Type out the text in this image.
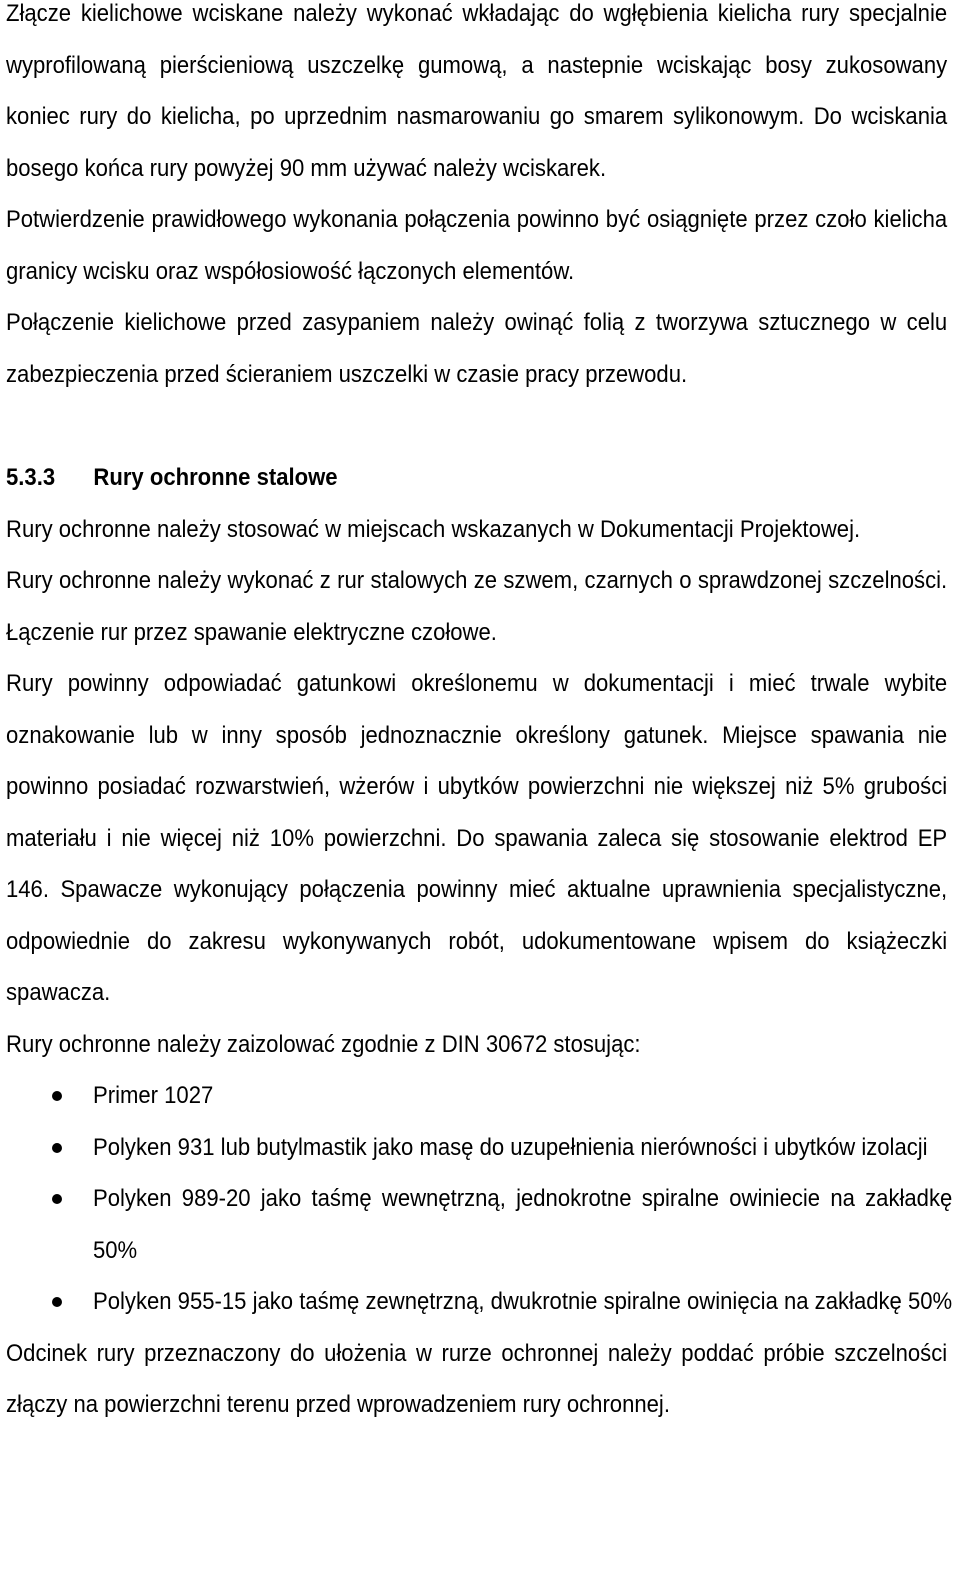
Złącze kielichowe wciskane należy wykonać wkładając do wgłębienia kielicha rury specjalnie wyprofilowaną pierścieniową uszczelkę gumową, a nastepnie wciskając bosy zukosowany koniec rury do kielicha, po uprzednim nasmarowaniu go smarem sylikonowym. Do wciskania bosego końca rury powyżej 90 mm używać należy wciskarek.

Potwierdzenie prawidłowego wykonania połączenia powinno być osiągnięte przez czoło kielicha granicy wcisku oraz współosiowość łączonych elementów.

Połączenie kielichowe przed zasypaniem należy owinąć folią z tworzywa sztucznego w celu zabezpieczenia przed ścieraniem uszczelki w czasie pracy przewodu.

5.3.3	Rury ochronne stalowe

Rury ochronne należy stosować w miejscach wskazanych w Dokumentacji Projektowej.

Rury ochronne należy wykonać z rur stalowych ze szwem, czarnych o sprawdzonej szczelności. Łączenie rur przez spawanie elektryczne czołowe.

Rury powinny odpowiadać gatunkowi określonemu w dokumentacji i mieć trwale wybite oznakowanie lub w inny sposób jednoznacznie określony gatunek. Miejsce spawania nie powinno posiadać rozwarstwień, wżerów i ubytków powierzchni nie większej niż 5% grubości materiału i nie więcej niż 10% powierzchni. Do spawania zaleca się stosowanie elektrod EP 146. Spawacze wykonujący połączenia powinny mieć aktualne uprawnienia specjalistyczne, odpowiednie do zakresu wykonywanych robót, udokumentowane wpisem do książeczki spawacza.

Rury ochronne należy zaizolować zgodnie z DIN 30672 stosując:

Primer 1027
Polyken 931 lub butylmastik jako masę do uzupełnienia nierówności i ubytków izolacji
Polyken 989-20 jako taśmę wewnętrzną, jednokrotne spiralne owiniecie na zakładkę 50%
Polyken 955-15 jako taśmę zewnętrzną, dwukrotnie spiralne owinięcia na zakładkę 50%

Odcinek rury przeznaczony do ułożenia w rurze ochronnej należy poddać próbie szczelności złączy na powierzchni terenu przed wprowadzeniem rury ochronnej.
